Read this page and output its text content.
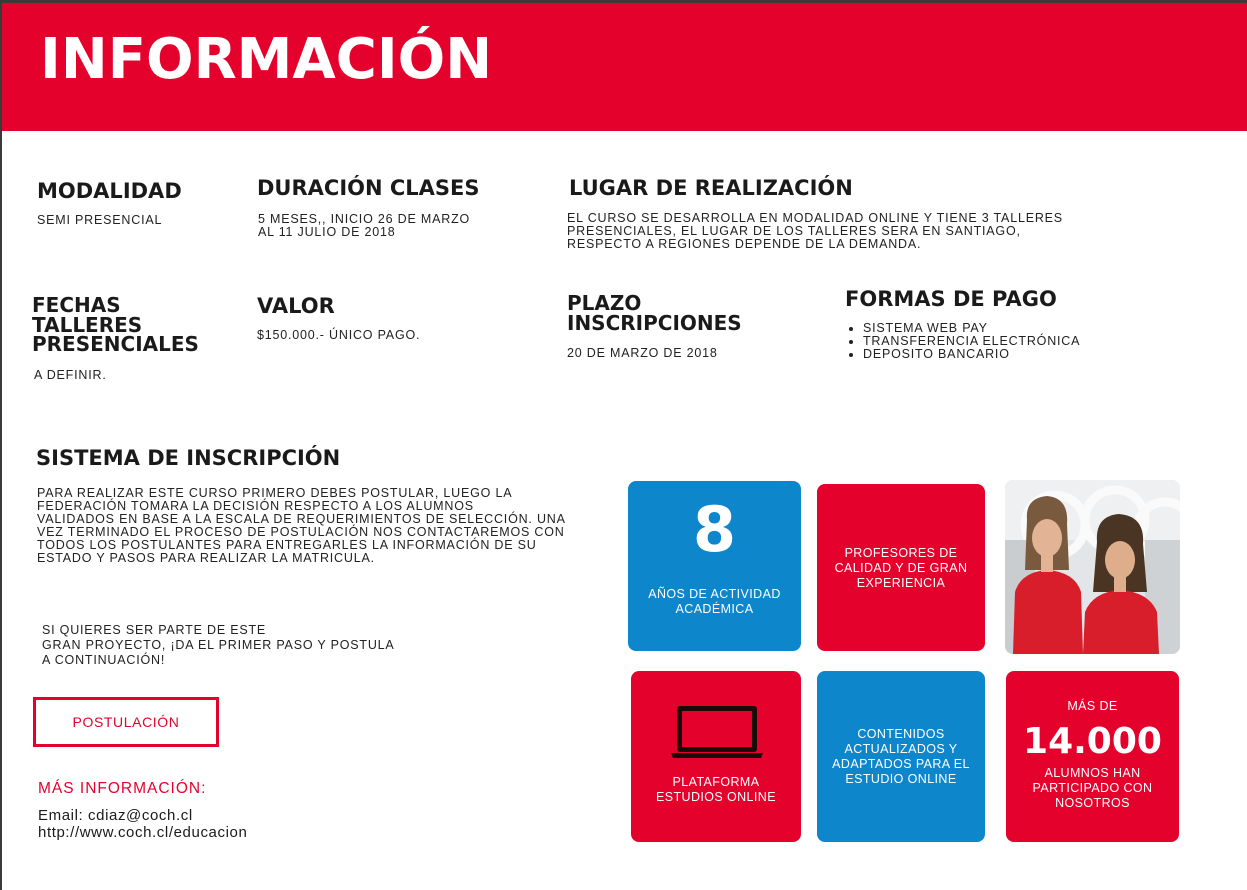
INFORMACIÓN
MODALIDAD

SEMI PRESENCIAL

DURACIÓN CLASES
5 MESES,, INICIO 26 DE MARZO
AL 11 JULIO DE 2018
LUGAR DE REALIZACIÓN
EL CURSO SE DESARROLLA EN MODALIDAD ONLINE Y TIENE 3 TALLERES
PRESENCIALES, EL LUGAR DE LOS TALLERES SERA EN SANTIAGO,
RESPECTO A REGIONES DEPENDE DE LA DEMANDA.
FECHAS
TALLERES
PRESENCIALES

A DEFINIR.

VALOR

$150.000.- ÚNICO PAGO.

PLAZO
INSCRIPCIONES

20 DE MARZO DE 2018

FORMAS DE PAGO
• SISTEMA WEB PAY
• TRANSFERENCIA ELECTRÓNICA
• DEPOSITO BANCARIO
SISTEMA DE INSCRIPCIÓN
PARA REALIZAR ESTE CURSO PRIMERO DEBES POSTULAR, LUEGO LA
FEDERACIÓN TOMARA LA DECISIÓN RESPECTO A LOS ALUMNOS
VALIDADOS EN BASE A LA ESCALA DE REQUERIMIENTOS DE SELECCIÓN. UNA
VEZ TERMINADO EL PROCESO DE POSTULACIÓN NOS CONTACTAREMOS CON
TODOS LOS POSTULANTES PARA ENTREGARLES LA INFORMACIÓN DE SU
ESTADO Y PASOS PARA REALIZAR LA MATRICULA.
SI QUIERES SER PARTE DE ESTE
GRAN PROYECTO, ¡DA EL PRIMER PASO Y POSTULA
A CONTINUACIÓN!
POSTULACIÓN

MÁS INFORMACIÓN:

Email: cdiaz@coch.cl

http://www.coch.cl/educacion

8
AÑOS DE ACTIVIDAD
ACADÉMICA
PROFESORES DE
CALIDAD Y DE GRAN
EXPERIENCIA
PLATAFORMA
ESTUDIOS ONLINE
CONTENIDOS
ACTUALIZADOS Y
ADAPTADOS PARA EL
ESTUDIO ONLINE
MÁS DE
14.000
ALUMNOS HAN
PARTICIPADO CON
NOSOTROS
